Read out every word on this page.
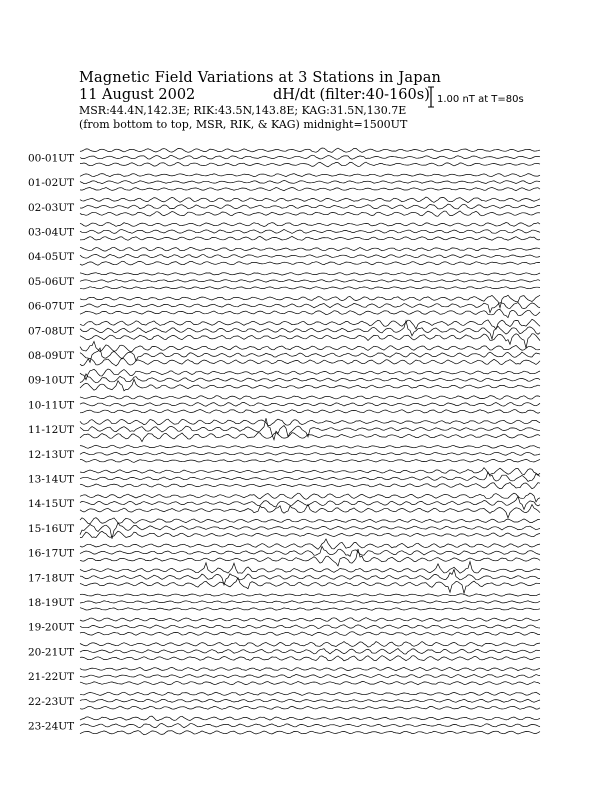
Magnetic Field Variations at 3 Stations in Japan
11 August 2002	dH/dt (filter:40-160s)
MSR:44.4N,142.3E; RIK:43.5N,143.8E; KAG:31.5N,130.7E
(from bottom to top, MSR, RIK, & KAG) midnight=1500UT
1.00 nT at T=80s
00-01UT
01-02UT
02-03UT
03-04UT
04-05UT
05-06UT
06-07UT
07-08UT
08-09UT
09-10UT
10-11UT
11-12UT
12-13UT
13-14UT
14-15UT
15-16UT
16-17UT
17-18UT
18-19UT
19-20UT
20-21UT
21-22UT
22-23UT
23-24UT
